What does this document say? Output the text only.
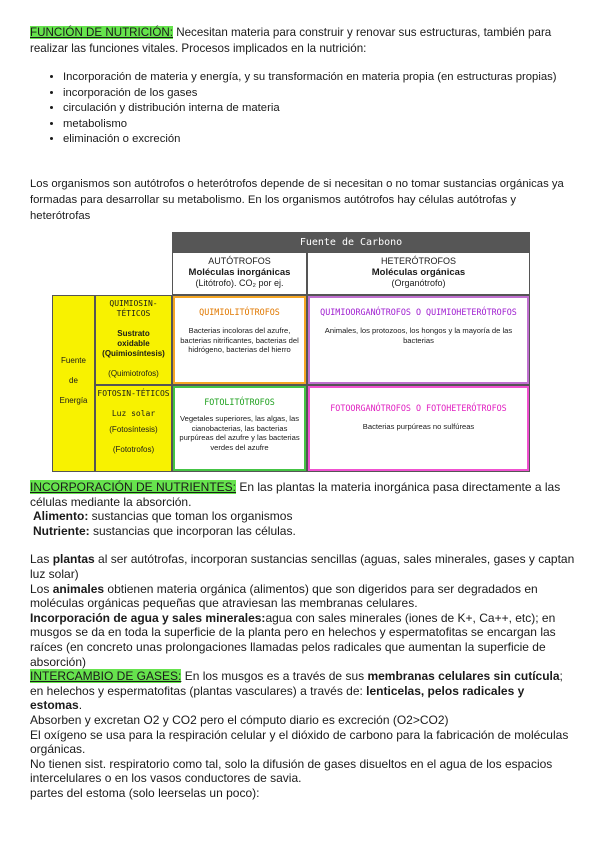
FUNCIÓN DE NUTRICIÓN: Necesitan materia para construir y renovar sus estructuras, también para realizar las funciones vitales. Procesos implicados en la nutrición:
• Incorporación de materia y energía, y su transformación en materia propia (en estructuras propias)
• incorporación de los gases
• circulación y distribución interna de materia
• metabolismo
• eliminación o excreción
Los organismos son autótrofos o heterótrofos depende de si necesitan o no tomar sustancias orgánicas ya formadas para desarrollar su metabolismo. En los organismos autótrofos hay células autótrofas y heterótrofas
Fuente de Carbono
AUTÓTROFOS
Moléculas inorgánicas
(Litótrofo). CO₂ por ej.
HETERÓTROFOS
Moléculas orgánicas
(Organótrofo)
Fuente
de
Energía
QUIMIOSIN-TÉTICOS
Sustrato oxidable (Quimiosíntesis)
(Quimiotrofos)
FOTOSIN-TÉTICOS
Luz solar
(Fotosíntesis)
(Fototrofos)
QUIMIOLITÓTROFOS
Bacterias incoloras del azufre, bacterias nitrificantes, bacterias del hidrógeno, bacterias del hierro
QUIMIOORGANÓTROFOS O QUIMIOHETERÓTROFOS
Animales, los protozoos, los hongos y la mayoría de las bacterias
FOTOLITÓTROFOS
Vegetales superiores, las algas, las cianobacterias, las bacterias purpúreas del azufre y las bacterias verdes del azufre
FOTOORGANÓTROFOS O FOTOHETERÓTROFOS
Bacterias purpúreas no sulfúreas

INCORPORACIÓN DE NUTRIENTES: En las plantas la materia inorgánica pasa directamente a las células mediante la absorción.

Alimento: sustancias que toman los organismos

Nutriente: sustancias que incorporan las células.

Las plantas al ser autótrofas, incorporan sustancias sencillas (aguas, sales minerales, gases y captan luz solar)

Los animales obtienen materia orgánica (alimentos) que son digeridos para ser degradados en moléculas orgánicas pequeñas que atraviesan las membranas celulares.

Incorporación de agua y sales minerales:agua con sales minerales (iones de K+, Ca++, etc); en musgos se da en toda la superficie de la planta pero en helechos y espermatofitas se encargan las raíces (en concreto unas prolongaciones llamadas pelos radicales que aumentan la superficie de absorción)

INTERCAMBIO DE GASES: En los musgos es a través de sus membranas celulares sin cutícula; en helechos y espermatofitas (plantas vasculares) a través de: lenticelas, pelos radicales y estomas.

Absorben y excretan O2 y CO2 pero el cómputo diario es excreción (O2>CO2)

El oxígeno se usa para la respiración celular y el dióxido de carbono para la fabricación de moléculas orgánicas.

No tienen sist. respiratorio como tal, solo la difusión de gases disueltos en el agua de los espacios intercelulares o en los vasos conductores de savia.

partes del estoma (solo leerselas un poco):
